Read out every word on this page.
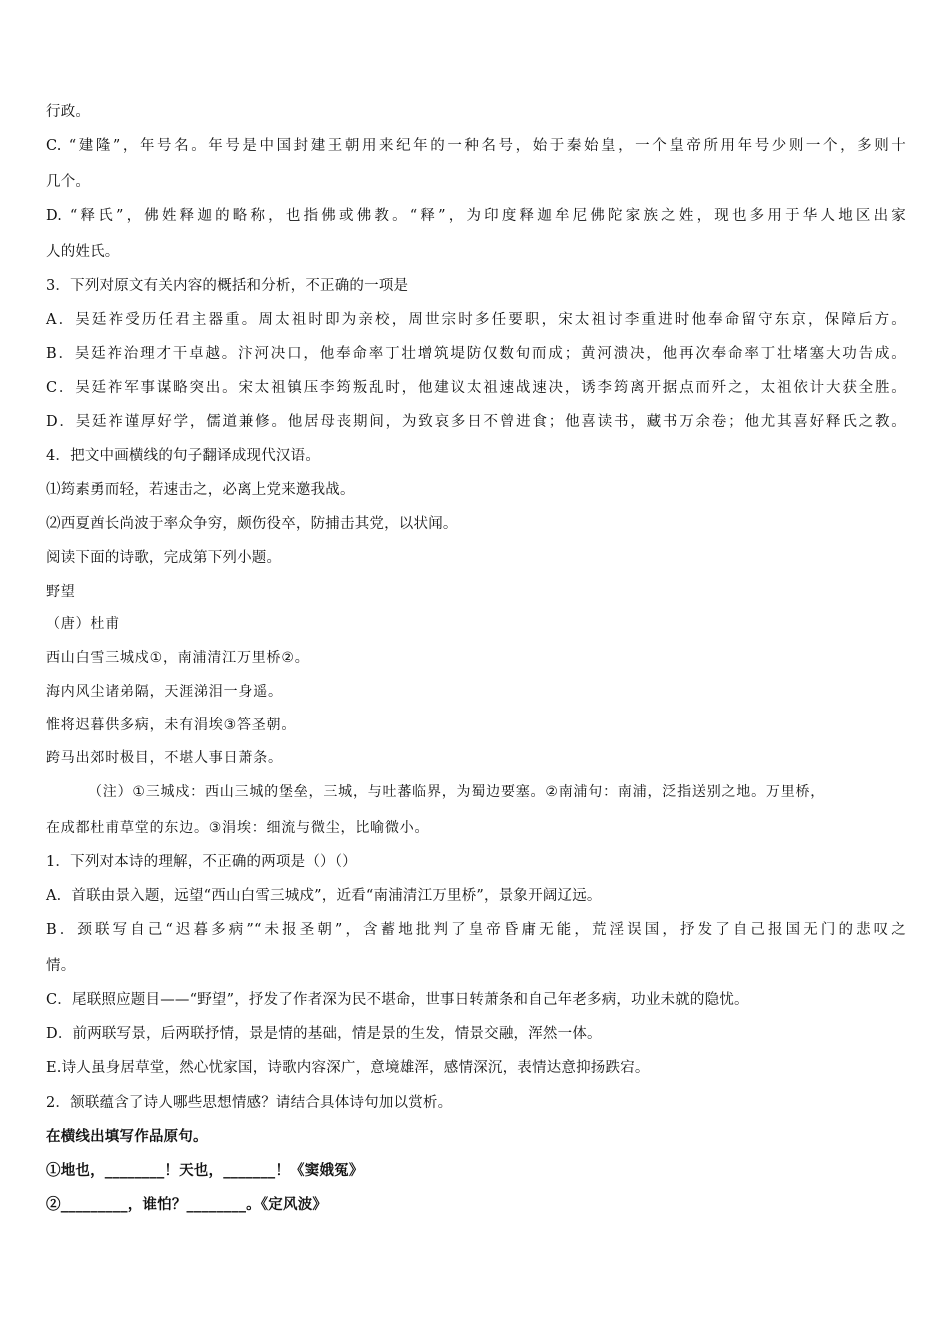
行政。
C. “建隆”，年号名。年号是中国封建王朝用来纪年的一种名号，始于秦始皇，一个皇帝所用年号少则一个，多则十
几个。
D. “释氏”，佛姓释迦的略称，也指佛或佛教。“释”，为印度释迦牟尼佛陀家族之姓，现也多用于华人地区出家
人的姓氏。
3．下列对原文有关内容的概括和分析，不正确的一项是
A．吴廷祚受历任君主器重。周太祖时即为亲校，周世宗时多任要职，宋太祖讨李重进时他奉命留守东京，保障后方。
B．吴廷祚治理才干卓越。汴河决口，他奉命率丁壮增筑堤防仅数旬而成；黄河溃决，他再次奉命率丁壮堵塞大功告成。
C．吴廷祚军事谋略突出。宋太祖镇压李筠叛乱时，他建议太祖速战速决，诱李筠离开据点而歼之，太祖依计大获全胜。
D．吴廷祚谨厚好学，儒道兼修。他居母丧期间，为致哀多日不曾进食；他喜读书，藏书万余卷；他尤其喜好释氏之教。
4．把文中画横线的句子翻译成现代汉语。
⑴筠素勇而轻，若速击之，必离上党来邀我战。
⑵西夏酋长尚波于率众争穷，颇伤役卒，防捕击其党，以状闻。
阅读下面的诗歌，完成第下列小题。
野望
（唐）杜甫
西山白雪三城戍①，南浦清江万里桥②。
海内风尘诸弟隔，天涯涕泪一身遥。
惟将迟暮供多病，未有涓埃③答圣朝。
跨马出郊时极目，不堪人事日萧条。
（注）①三城戍：西山三城的堡垒，三城，与吐蕃临界，为蜀边要塞。②南浦句：南浦，泛指送别之地。万里桥，
在成都杜甫草堂的东边。③涓埃：细流与微尘，比喻微小。
1．下列对本诗的理解，不正确的两项是（）（）
A．首联由景入题，远望“西山白雪三城戍”，近看“南浦清江万里桥”，景象开阔辽远。
B．颈联写自己“迟暮多病”“未报圣朝”，含蓄地批判了皇帝昏庸无能，荒淫误国，抒发了自己报国无门的悲叹之
情。
C．尾联照应题目——“野望”，抒发了作者深为民不堪命，世事日转萧条和自己年老多病，功业未就的隐忧。
D．前两联写景，后两联抒情，景是情的基础，情是景的生发，情景交融，浑然一体。
E.诗人虽身居草堂，然心忧家国，诗歌内容深广，意境雄浑，感情深沉，表情达意抑扬跌宕。
2．颔联蕴含了诗人哪些思想情感？请结合具体诗句加以赏析。
在横线出填写作品原句。
①地也，________！天也，_______！《窦娥冤》
②_________，谁怕？________。《定风波》
